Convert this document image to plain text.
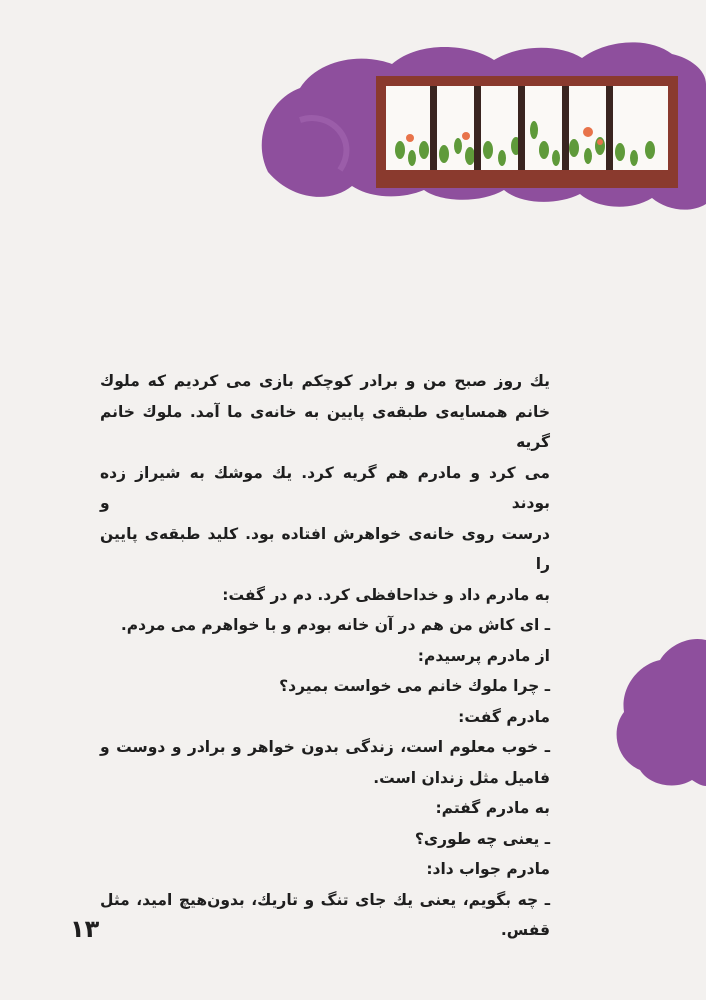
یك روز صبح من و برادر كوچكم بازی می كردیم كه ملوك
خانم همسایه‌ی طبقه‌ی پایین به خانه‌ی ما آمد. ملوك خانم گریه
می كرد و مادرم هم گریه كرد. یك موشك به شیراز زده بودند و
درست روی خانه‌ی خواهرش افتاده بود. كلید طبقه‌ی پایین را
به مادرم داد و خداحافظی كرد. دم در گفت:
ـ ای كاش من هم در آن خانه بودم و با خواهرم می مردم.
از مادرم پرسیدم:
ـ چرا ملوك خانم می خواست بمیرد؟
مادرم گفت:
ـ خوب معلوم است، زندگی بدون خواهر و برادر و دوست و
فامیل مثل زندان است.
به مادرم گفتم:
ـ یعنی چه طوری؟
مادرم جواب داد:
ـ چه بگویم، یعنی یك جای تنگ و تاریك، بدون‌هیچ امید، مثل
قفس.
۱۳
